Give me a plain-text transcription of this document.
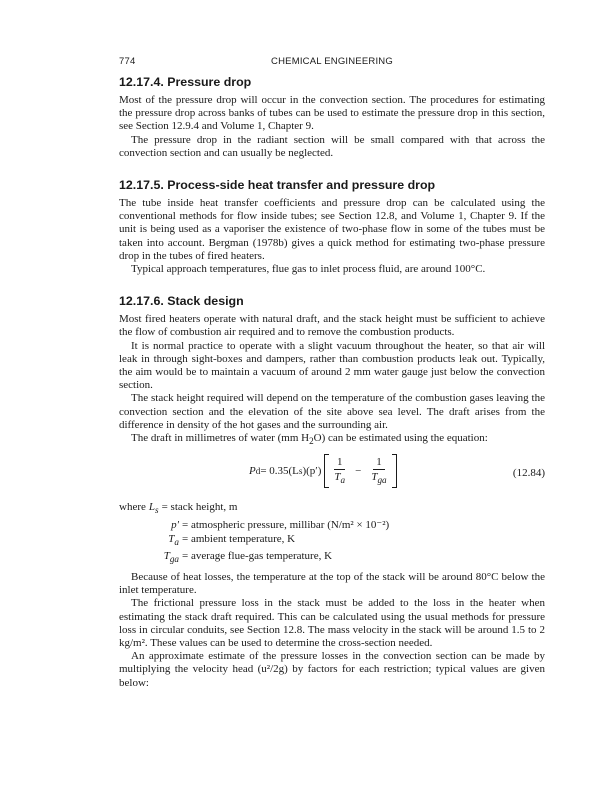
774	CHEMICAL ENGINEERING
12.17.4. Pressure drop

Most of the pressure drop will occur in the convection section. The procedures for estimating the pressure drop across banks of tubes can be used to estimate the pressure drop in this section, see Section 12.9.4 and Volume 1, Chapter 9.

The pressure drop in the radiant section will be small compared with that across the convection section and can usually be neglected.

12.17.5. Process-side heat transfer and pressure drop

The tube inside heat transfer coefficients and pressure drop can be calculated using the conventional methods for flow inside tubes; see Section 12.8, and Volume 1, Chapter 9. If the unit is being used as a vaporiser the existence of two-phase flow in some of the tubes must be taken into account. Bergman (1978b) gives a quick method for estimating two-phase pressure drop in the tubes of fired heaters.

Typical approach temperatures, flue gas to inlet process fluid, are around 100°C.

12.17.6. Stack design

Most fired heaters operate with natural draft, and the stack height must be sufficient to achieve the flow of combustion air required and to remove the combustion products.

It is normal practice to operate with a slight vacuum throughout the heater, so that air will leak in through sight-boxes and dampers, rather than combustion products leak out. Typically, the aim would be to maintain a vacuum of around 2 mm water gauge just below the convection section.

The stack height required will depend on the temperature of the combustion gases leaving the convection section and the elevation of the site above sea level. The draft arises from the difference in density of the hot gases and the surrounding air.

The draft in millimetres of water (mm $H_2O$) can be estimated using the equation:

P d = 0.35(L s )$(p') \frac{1}{T_a} - \frac{1}{T_{ga}}$	(12.84)
where $L_s$ = stack height, m
p′ = atmospheric pressure, millibar (N/m² × 10⁻²)
$T_a$ = ambient temperature, K
$T_{ga}$ = average flue-gas temperature, K

Because of heat losses, the temperature at the top of the stack will be around 80°C below the inlet temperature.

The frictional pressure loss in the stack must be added to the loss in the heater when estimating the stack draft required. This can be calculated using the usual methods for pressure loss in circular conduits, see Section 12.8. The mass velocity in the stack will be around 1.5 to 2 kg/m². These values can be used to determine the cross-section needed.

An approximate estimate of the pressure losses in the convection section can be made by multiplying the velocity head (u²/2g) by factors for each restriction; typical values are given below:
